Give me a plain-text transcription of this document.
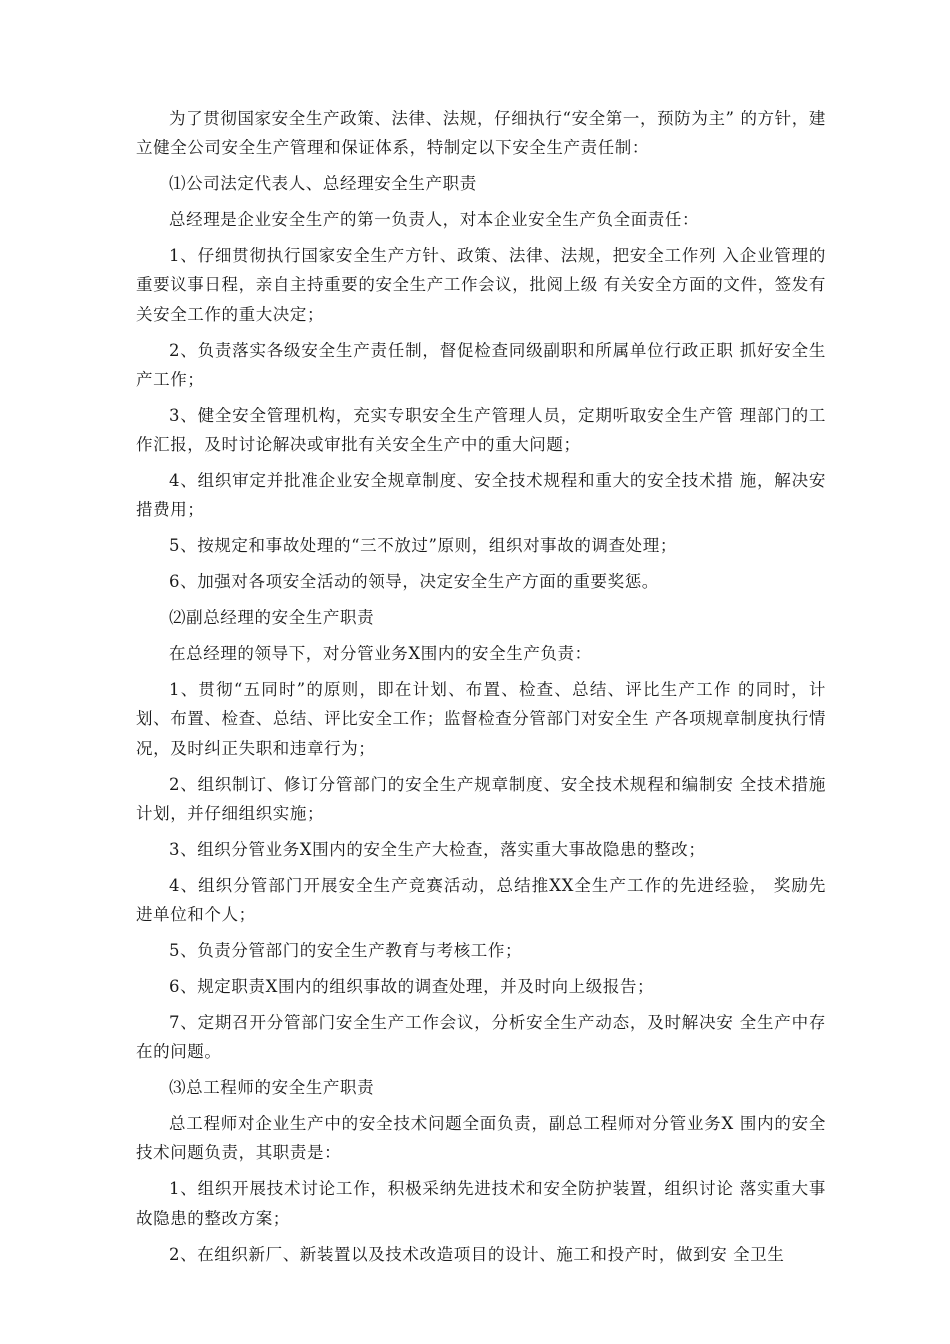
为了贯彻国家安全生产政策、法律、法规，仔细执行“安全第一，预防为主” 的方针，建立健全公司安全生产管理和保证体系，特制定以下安全生产责任制：

⑴公司法定代表人、总经理安全生产职责

总经理是企业安全生产的第一负责人，对本企业安全生产负全面责任：

1、仔细贯彻执行国家安全生产方针、政策、法律、法规，把安全工作列 入企业管理的重要议事日程，亲自主持重要的安全生产工作会议，批阅上级 有关安全方面的文件，签发有关安全工作的重大决定；

2、负责落实各级安全生产责任制，督促检查同级副职和所属单位行政正职 抓好安全生产工作；

3、健全安全管理机构，充实专职安全生产管理人员，定期听取安全生产管 理部门的工作汇报，及时讨论解决或审批有关安全生产中的重大问题；

4、组织审定并批准企业安全规章制度、安全技术规程和重大的安全技术措 施，解决安措费用；

5、按规定和事故处理的“三不放过”原则，组织对事故的调查处理；

6、加强对各项安全活动的领导，决定安全生产方面的重要奖惩。

⑵副总经理的安全生产职责

在总经理的领导下，对分管业务X围内的安全生产负责：

1、贯彻“五同时”的原则，即在计划、布置、检查、总结、评比生产工作 的同时，计划、布置、检查、总结、评比安全工作；监督检查分管部门对安全生 产各项规章制度执行情况，及时纠正失职和违章行为；

2、组织制订、修订分管部门的安全生产规章制度、安全技术规程和编制安 全技术措施计划，并仔细组织实施；

3、组织分管业务X围内的安全生产大检查，落实重大事故隐患的整改；

4、组织分管部门开展安全生产竞赛活动，总结推XX全生产工作的先进经验， 奖励先进单位和个人；

5、负责分管部门的安全生产教育与考核工作；

6、规定职责X围内的组织事故的调查处理，并及时向上级报告；

7、定期召开分管部门安全生产工作会议，分析安全生产动态，及时解决安 全生产中存在的问题。

⑶总工程师的安全生产职责

总工程师对企业生产中的安全技术问题全面负责，副总工程师对分管业务X 围内的安全技术问题负责，其职责是：

1、组织开展技术讨论工作，积极采纳先进技术和安全防护装置，组织讨论 落实重大事故隐患的整改方案；

2、在组织新厂、新装置以及技术改造项目的设计、施工和投产时，做到安 全卫生
